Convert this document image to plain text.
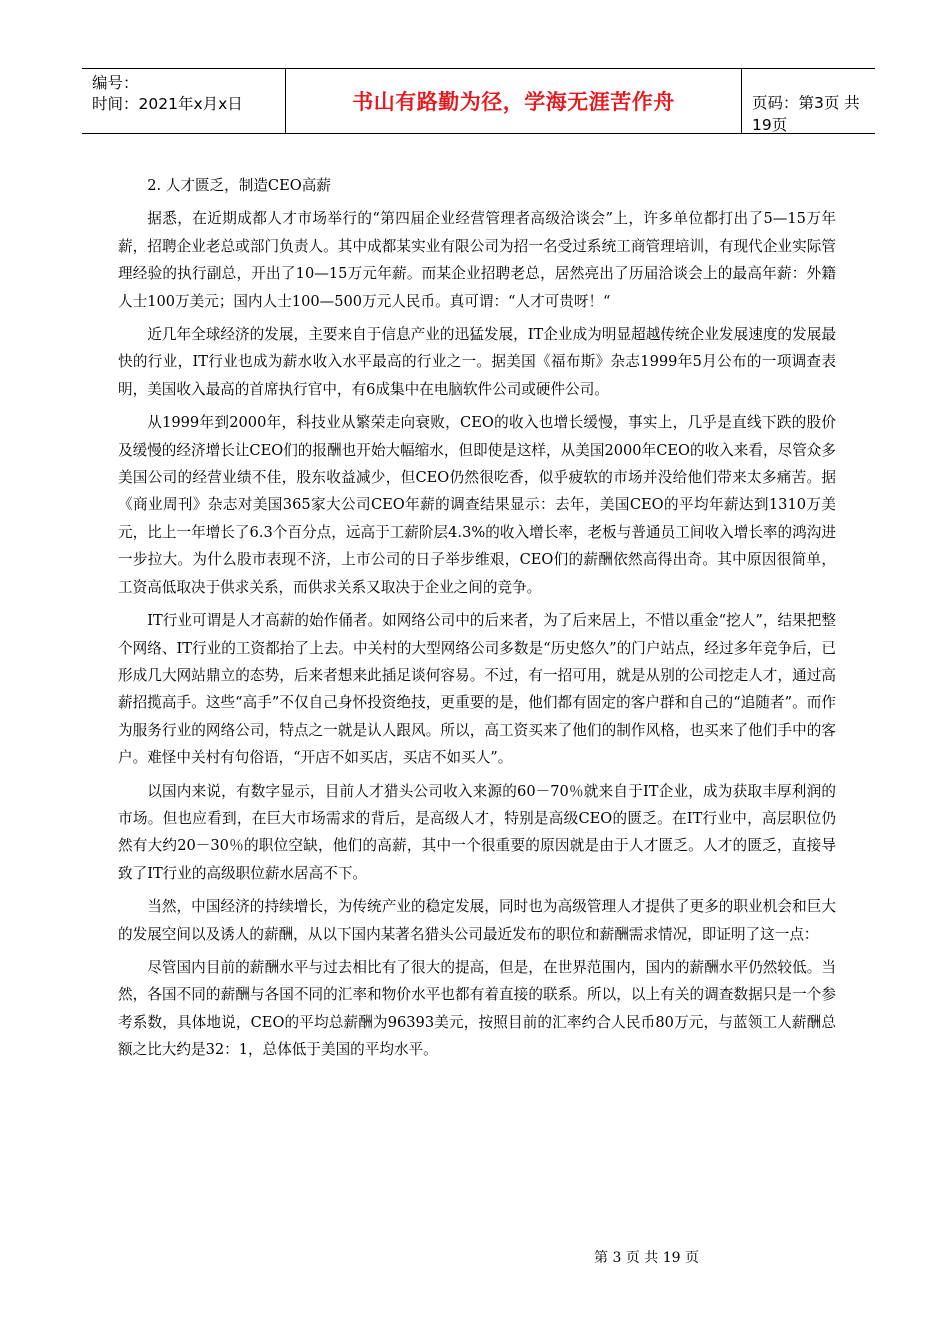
编号：
时间：2021年x月x日	书山有路勤为径，学海无涯苦作舟	页码：第3页 共19页

2. 人才匮乏，制造CEO高薪

据悉，在近期成都人才市场举行的“第四届企业经营管理者高级洽谈会”上，许多单位都打出了5—15万年薪，招聘企业老总或部门负责人。其中成都某实业有限公司为招一名受过系统工商管理培训，有现代企业实际管理经验的执行副总，开出了10—15万元年薪。而某企业招聘老总，居然亮出了历届洽谈会上的最高年薪：外籍人士100万美元；国内人士100—500万元人民币。真可谓：“人才可贵呀！“

近几年全球经济的发展，主要来自于信息产业的迅猛发展，IT企业成为明显超越传统企业发展速度的发展最快的行业，IT行业也成为薪水收入水平最高的行业之一。据美国《福布斯》杂志1999年5月公布的一项调查表明，美国收入最高的首席执行官中，有6成集中在电脑软件公司或硬件公司。

从1999年到2000年，科技业从繁荣走向衰败，CEO的收入也增长缓慢，事实上，几乎是直线下跌的股价及缓慢的经济增长让CEO们的报酬也开始大幅缩水，但即使是这样，从美国2000年CEO的收入来看，尽管众多美国公司的经营业绩不佳，股东收益减少，但CEO仍然很吃香，似乎疲软的市场并没给他们带来太多痛苦。据《商业周刊》杂志对美国365家大公司CEO年薪的调查结果显示：去年，美国CEO的平均年薪达到1310万美元，比上一年增长了6.3个百分点，远高于工薪阶层4.3%的收入增长率，老板与普通员工间收入增长率的鸿沟进一步拉大。为什么股市表现不济，上市公司的日子举步维艰，CEO们的薪酬依然高得出奇。其中原因很简单，工资高低取决于供求关系，而供求关系又取决于企业之间的竞争。

IT行业可谓是人才高薪的始作俑者。如网络公司中的后来者，为了后来居上，不惜以重金“挖人”，结果把整个网络、IT行业的工资都抬了上去。中关村的大型网络公司多数是“历史悠久”的门户站点，经过多年竞争后，已形成几大网站鼎立的态势，后来者想来此插足谈何容易。不过，有一招可用，就是从别的公司挖走人才，通过高薪招揽高手。这些“高手”不仅自己身怀投资绝技，更重要的是，他们都有固定的客户群和自己的“追随者”。而作为服务行业的网络公司，特点之一就是认人跟风。所以，高工资买来了他们的制作风格，也买来了他们手中的客户。难怪中关村有句俗语，“开店不如买店，买店不如买人”。

以国内来说，有数字显示，目前人才猎头公司收入来源的60－70％就来自于IT企业，成为获取丰厚利润的市场。但也应看到，在巨大市场需求的背后，是高级人才，特别是高级CEO的匮乏。在IT行业中，高层职位仍然有大约20－30％的职位空缺，他们的高薪，其中一个很重要的原因就是由于人才匮乏。人才的匮乏，直接导致了IT行业的高级职位薪水居高不下。

当然，中国经济的持续增长，为传统产业的稳定发展，同时也为高级管理人才提供了更多的职业机会和巨大的发展空间以及诱人的薪酬，从以下国内某著名猎头公司最近发布的职位和薪酬需求情况，即证明了这一点：

尽管国内目前的薪酬水平与过去相比有了很大的提高，但是，在世界范围内，国内的薪酬水平仍然较低。当然，各国不同的薪酬与各国不同的汇率和物价水平也都有着直接的联系。所以，以上有关的调查数据只是一个参考系数，具体地说，CEO的平均总薪酬为96393美元，按照目前的汇率约合人民币80万元，与蓝领工人薪酬总额之比大约是32：1，总体低于美国的平均水平。

第 3 页 共 19 页
